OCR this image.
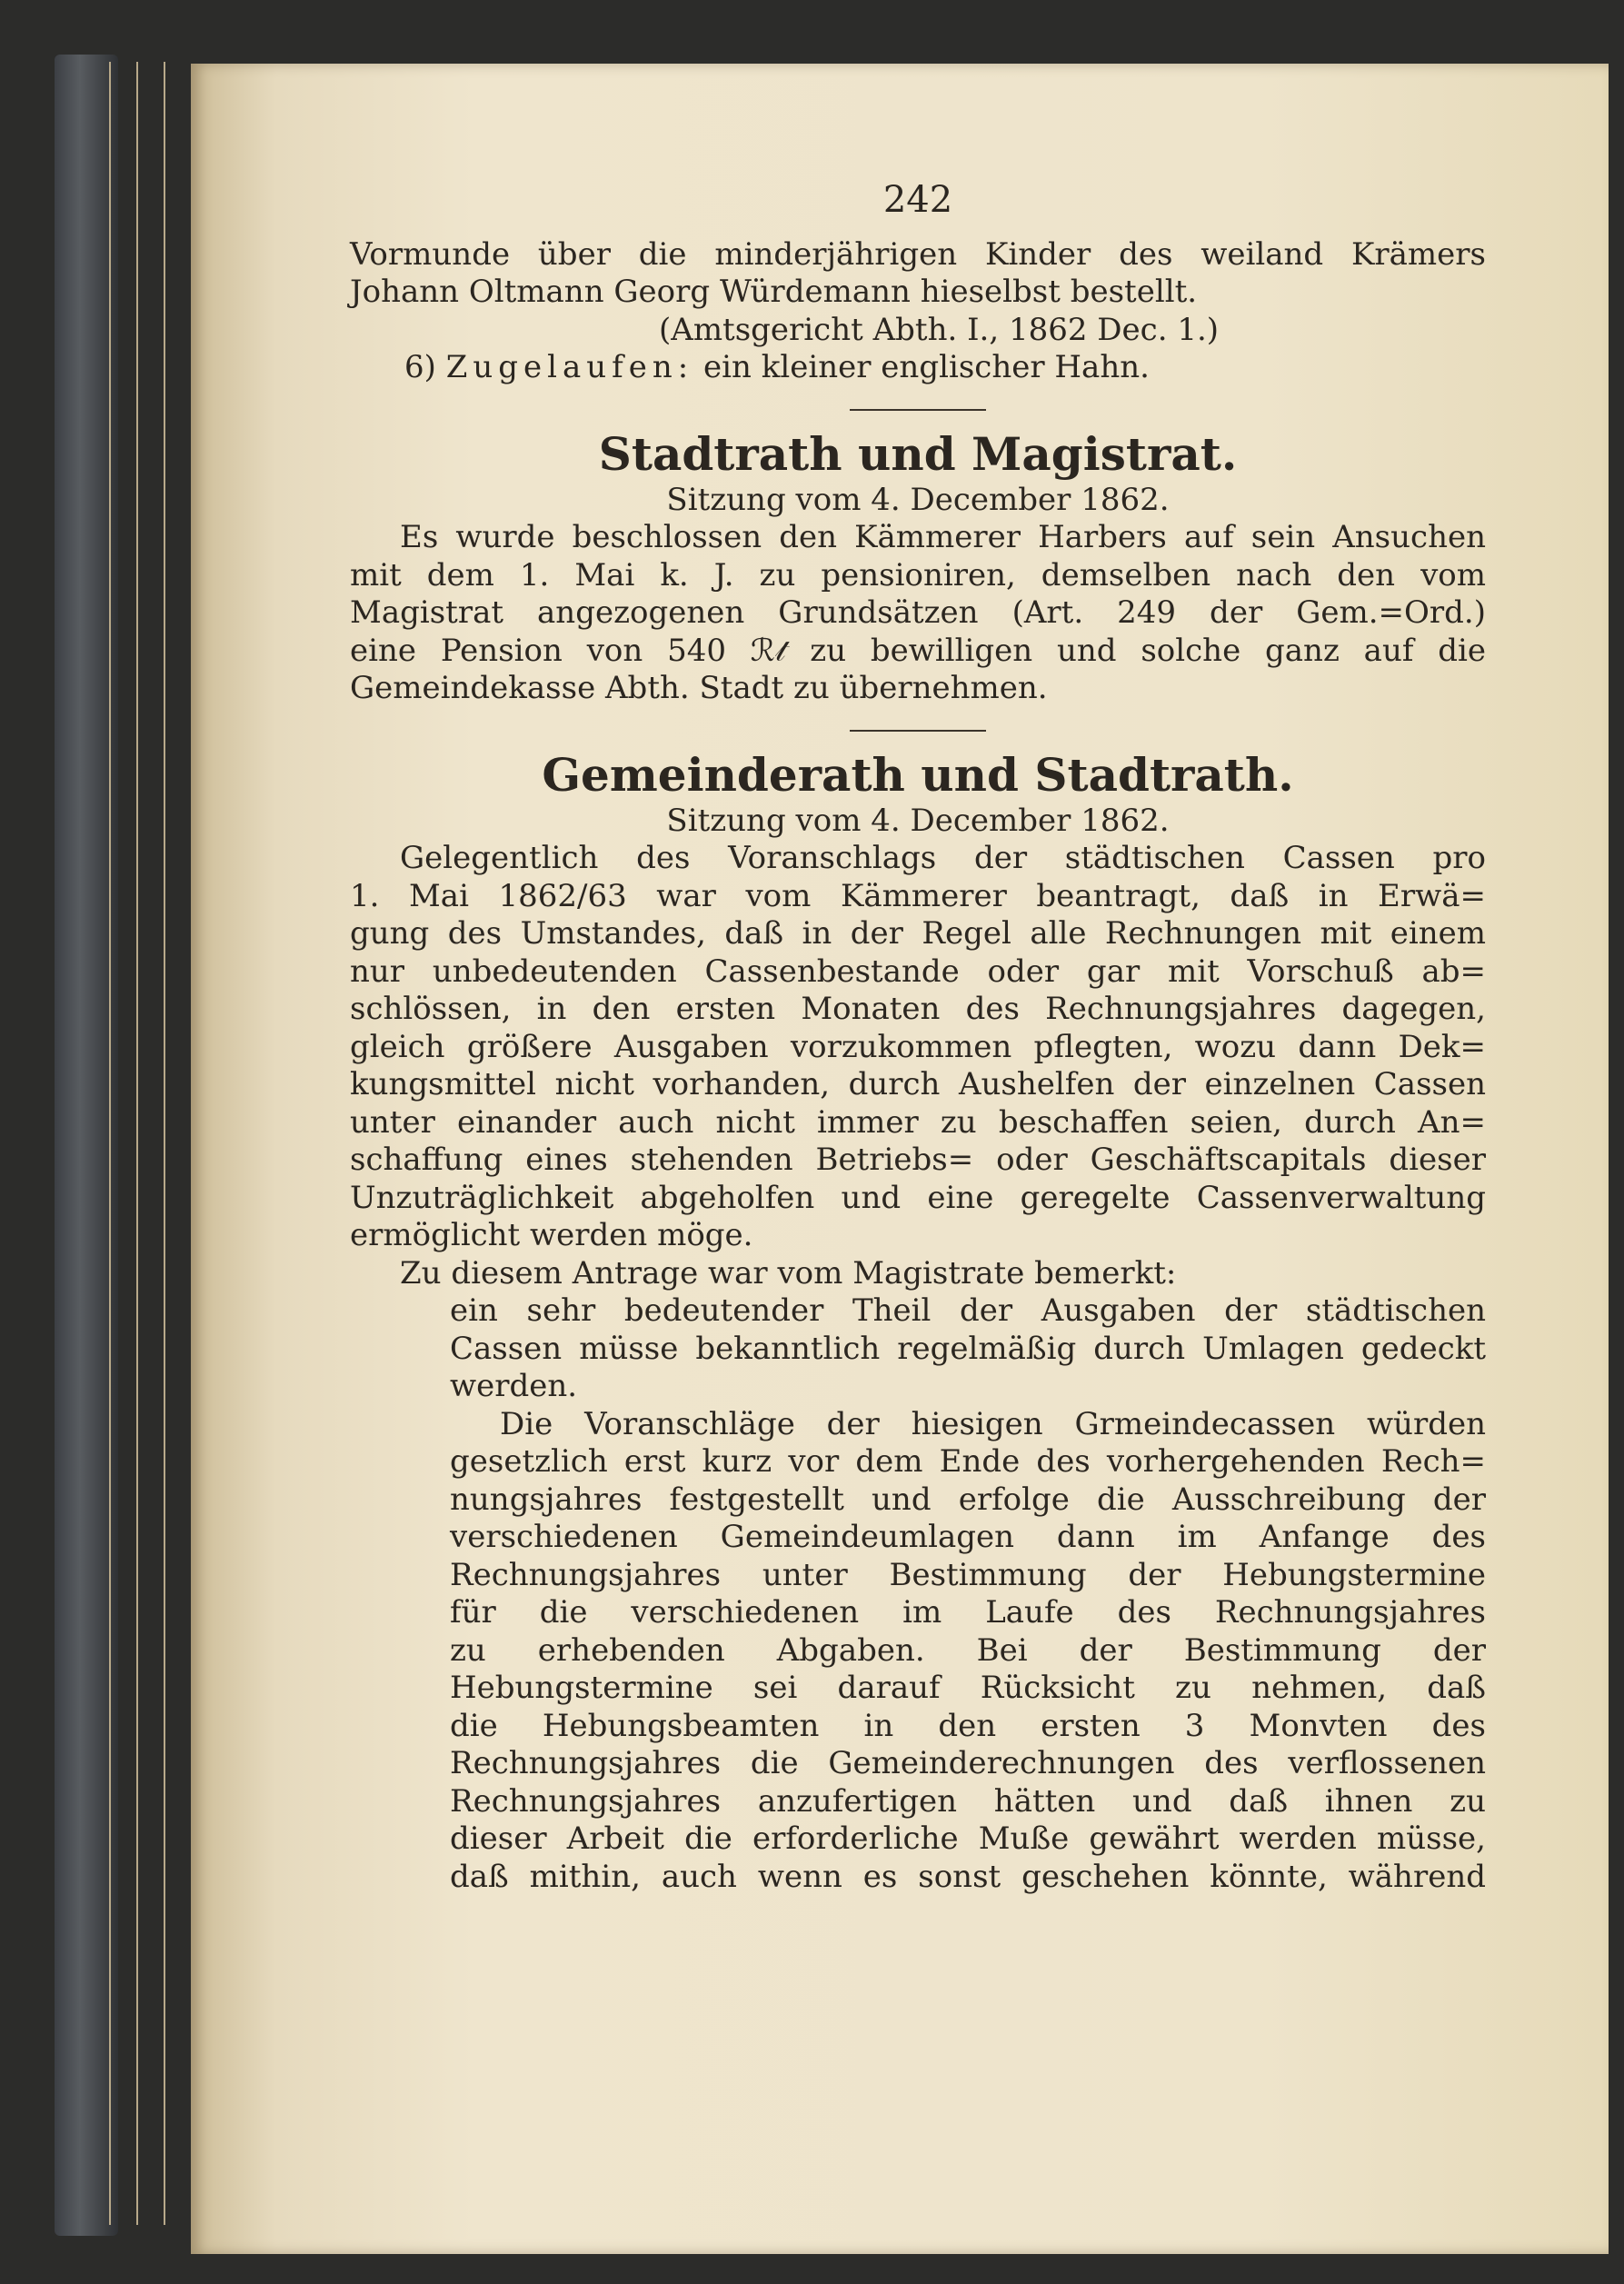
242
Vormunde über die minderjährigen Kinder des weiland Krämers
Johann Oltmann Georg Würdemann hieselbst bestellt.
(Amtsgericht Abth. I., 1862 Dec. 1.)
6) Zugelaufen: ein kleiner englischer Hahn.
Stadtrath und Magistrat.
Sitzung vom 4. December 1862.
Es wurde beschlossen den Kämmerer Harbers auf sein Ansuchen
mit dem 1. Mai k. J. zu pensioniren, demselben nach den vom
Magistrat angezogenen Grundsätzen (Art. 249 der Gem.=Ord.)
eine Pension von 540 ℛ𝓉 zu bewilligen und solche ganz auf die
Gemeindekasse Abth. Stadt zu übernehmen.
Gemeinderath und Stadtrath.
Sitzung vom 4. December 1862.
Gelegentlich des Voranschlags der städtischen Cassen pro
1. Mai 1862/63 war vom Kämmerer beantragt, daß in Erwä=
gung des Umstandes, daß in der Regel alle Rechnungen mit einem
nur unbedeutenden Cassenbestande oder gar mit Vorschuß ab=
schlössen, in den ersten Monaten des Rechnungsjahres dagegen,
gleich größere Ausgaben vorzukommen pflegten, wozu dann Dek=
kungsmittel nicht vorhanden, durch Aushelfen der einzelnen Cassen
unter einander auch nicht immer zu beschaffen seien, durch An=
schaffung eines stehenden Betriebs= oder Geschäftscapitals dieser
Unzuträglichkeit abgeholfen und eine geregelte Cassenverwaltung
ermöglicht werden möge.
Zu diesem Antrage war vom Magistrate bemerkt:
ein sehr bedeutender Theil der Ausgaben der städtischen
Cassen müsse bekanntlich regelmäßig durch Umlagen gedeckt
werden.
Die Voranschläge der hiesigen Grmeindecassen würden
gesetzlich erst kurz vor dem Ende des vorhergehenden Rech=
nungsjahres festgestellt und erfolge die Ausschreibung der
verschiedenen Gemeindeumlagen dann im Anfange des
Rechnungsjahres unter Bestimmung der Hebungstermine
für die verschiedenen im Laufe des Rechnungsjahres
zu erhebenden Abgaben. Bei der Bestimmung der
Hebungstermine sei darauf Rücksicht zu nehmen, daß
die Hebungsbeamten in den ersten 3 Monvten des
Rechnungsjahres die Gemeinderechnungen des verflossenen
Rechnungsjahres anzufertigen hätten und daß ihnen zu
dieser Arbeit die erforderliche Muße gewährt werden müsse,
daß mithin, auch wenn es sonst geschehen könnte, während
